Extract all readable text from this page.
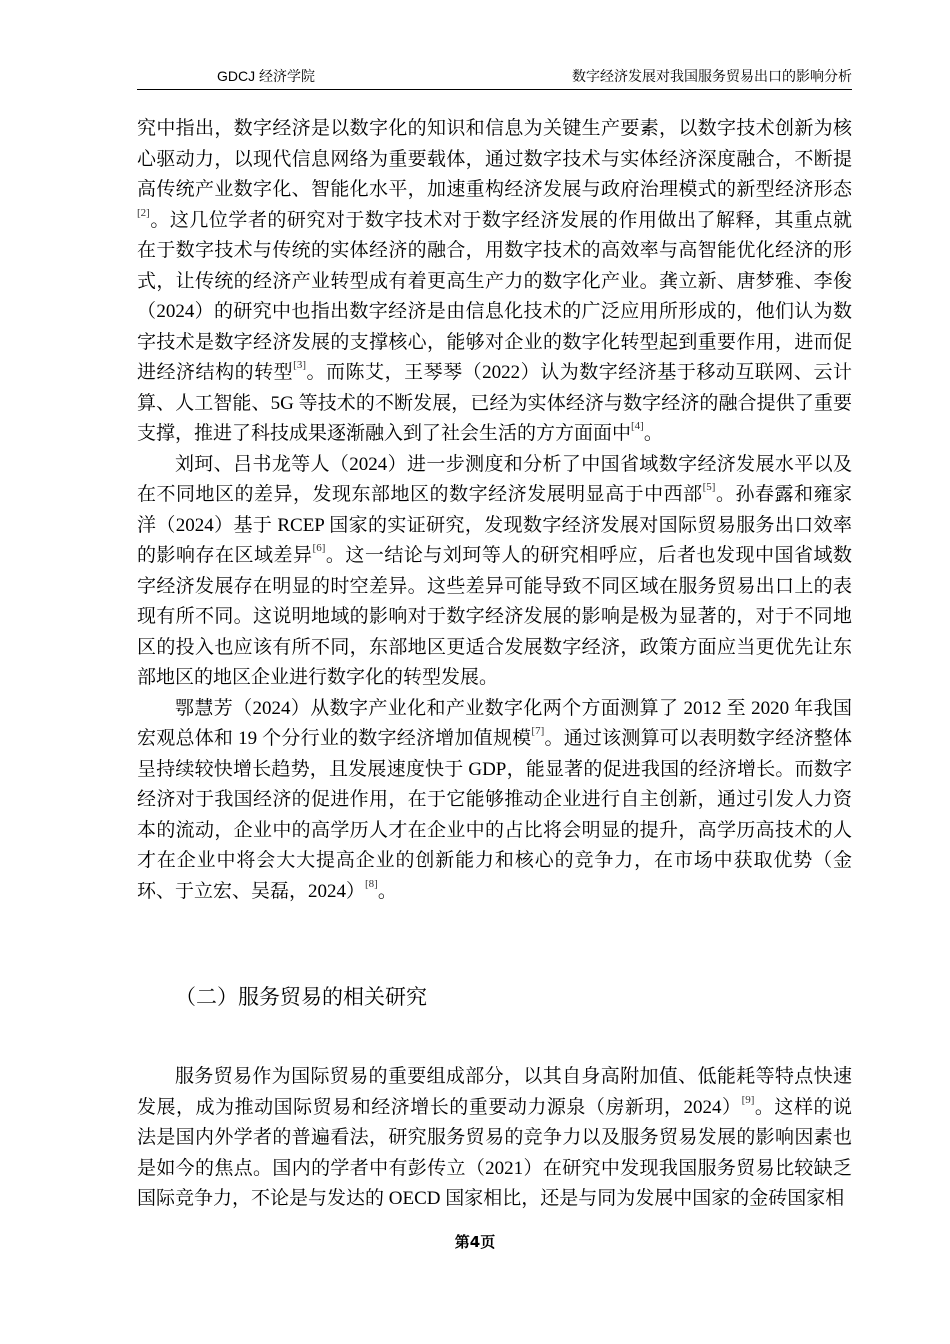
GDCJ 经济学院	数字经济发展对我国服务贸易出口的影响分析

究中指出，数字经济是以数字化的知识和信息为关键生产要素，以数字技术创新为核心驱动力，以现代信息网络为重要载体，通过数字技术与实体经济深度融合，不断提高传统产业数字化、智能化水平，加速重构经济发展与政府治理模式的新型经济形态[2]。这几位学者的研究对于数字技术对于数字经济发展的作用做出了解释，其重点就在于数字技术与传统的实体经济的融合，用数字技术的高效率与高智能优化经济的形式，让传统的经济产业转型成有着更高生产力的数字化产业。龚立新、唐梦雅、李俊（2024）的研究中也指出数字经济是由信息化技术的广泛应用所形成的，他们认为数字技术是数字经济发展的支撑核心，能够对企业的数字化转型起到重要作用，进而促进经济结构的转型[3]。而陈艾，王琴琴（2022）认为数字经济基于移动互联网、云计算、人工智能、5G 等技术的不断发展，已经为实体经济与数字经济的融合提供了重要支撑，推进了科技成果逐渐融入到了社会生活的方方面面中[4]。

刘珂、吕书龙等人（2024）进一步测度和分析了中国省域数字经济发展水平以及在不同地区的差异，发现东部地区的数字经济发展明显高于中西部[5]。孙春露和雍家洋（2024）基于 RCEP 国家的实证研究，发现数字经济发展对国际贸易服务出口效率的影响存在区域差异[6]。这一结论与刘珂等人的研究相呼应，后者也发现中国省域数字经济发展存在明显的时空差异。这些差异可能导致不同区域在服务贸易出口上的表现有所不同。这说明地域的影响对于数字经济发展的影响是极为显著的，对于不同地区的投入也应该有所不同，东部地区更适合发展数字经济，政策方面应当更优先让东部地区的地区企业进行数字化的转型发展。

鄂慧芳（2024）从数字产业化和产业数字化两个方面测算了 2012 至 2020 年我国宏观总体和 19 个分行业的数字经济增加值规模[7]。通过该测算可以表明数字经济整体呈持续较快增长趋势，且发展速度快于 GDP，能显著的促进我国的经济增长。而数字经济对于我国经济的促进作用，在于它能够推动企业进行自主创新，通过引发人力资本的流动，企业中的高学历人才在企业中的占比将会明显的提升，高学历高技术的人才在企业中将会大大提高企业的创新能力和核心的竞争力，在市场中获取优势（金环、于立宏、吴磊，2024）[8]。

（二）服务贸易的相关研究

服务贸易作为国际贸易的重要组成部分，以其自身高附加值、低能耗等特点快速发展，成为推动国际贸易和经济增长的重要动力源泉（房新玥，2024）[9]。这样的说法是国内外学者的普遍看法，研究服务贸易的竞争力以及服务贸易发展的影响因素也是如今的焦点。国内的学者中有彭传立（2021）在研究中发现我国服务贸易比较缺乏国际竞争力，不论是与发达的 OECD 国家相比，还是与同为发展中国家的金砖国家相

第4页
